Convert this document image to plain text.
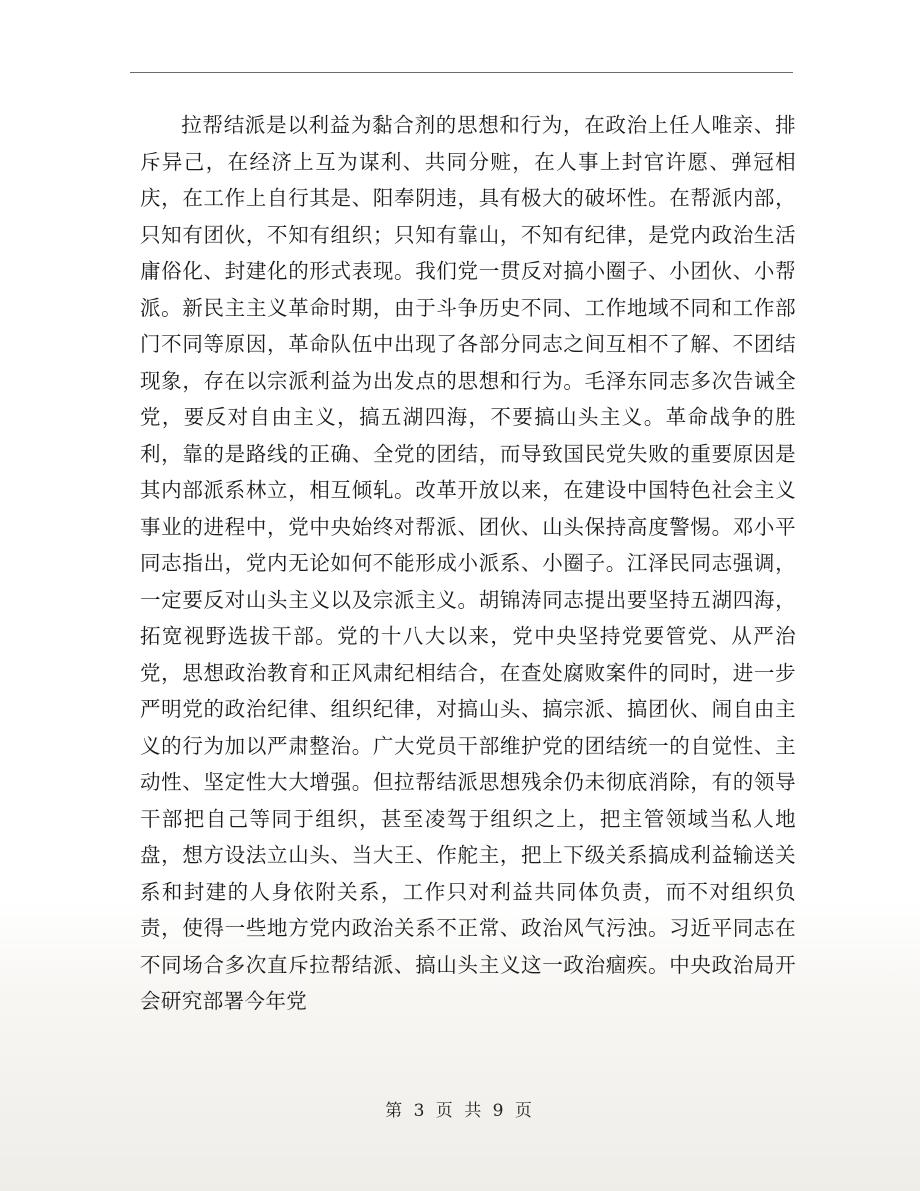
拉帮结派是以利益为黏合剂的思想和行为，在政治上任人唯亲、排斥异己，在经济上互为谋利、共同分赃，在人事上封官许愿、弹冠相庆，在工作上自行其是、阳奉阴违，具有极大的破坏性。在帮派内部，只知有团伙，不知有组织；只知有靠山，不知有纪律，是党内政治生活庸俗化、封建化的形式表现。我们党一贯反对搞小圈子、小团伙、小帮派。新民主主义革命时期，由于斗争历史不同、工作地域不同和工作部门不同等原因，革命队伍中出现了各部分同志之间互相不了解、不团结现象，存在以宗派利益为出发点的思想和行为。毛泽东同志多次告诫全党，要反对自由主义，搞五湖四海，不要搞山头主义。革命战争的胜利，靠的是路线的正确、全党的团结，而导致国民党失败的重要原因是其内部派系林立，相互倾轧。改革开放以来，在建设中国特色社会主义事业的进程中，党中央始终对帮派、团伙、山头保持高度警惕。邓小平同志指出，党内无论如何不能形成小派系、小圈子。江泽民同志强调，一定要反对山头主义以及宗派主义。胡锦涛同志提出要坚持五湖四海，拓宽视野选拔干部。党的十八大以来，党中央坚持党要管党、从严治党，思想政治教育和正风肃纪相结合，在查处腐败案件的同时，进一步严明党的政治纪律、组织纪律，对搞山头、搞宗派、搞团伙、闹自由主义的行为加以严肃整治。广大党员干部维护党的团结统一的自觉性、主动性、坚定性大大增强。但拉帮结派思想残余仍未彻底消除，有的领导干部把自己等同于组织，甚至凌驾于组织之上，把主管领域当私人地盘，想方设法立山头、当大王、作舵主，把上下级关系搞成利益输送关系和封建的人身依附关系，工作只对利益共同体负责，而不对组织负责，使得一些地方党内政治关系不正常、政治风气污浊。习近平同志在不同场合多次直斥拉帮结派、搞山头主义这一政治痼疾。中央政治局开会研究部署今年党

第 3 页 共 9 页
